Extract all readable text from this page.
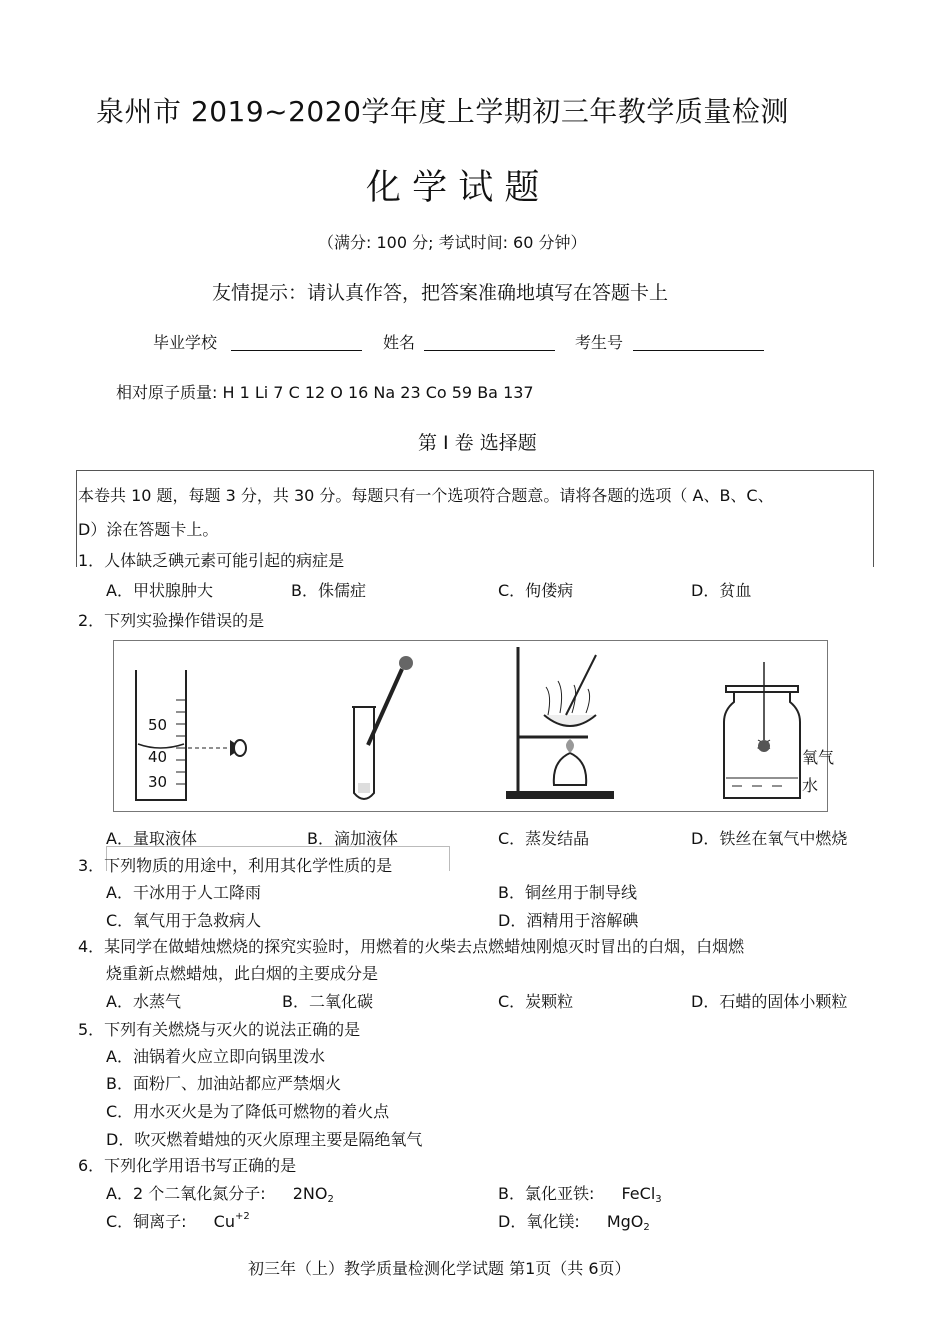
泉州市 2019~2020学年度上学期初三年教学质量检测
化 学 试 题
（满分: 100 分; 考试时间: 60 分钟）
友情提示：请认真作答，把答案准确地填写在答题卡上
毕业学校	姓名	考生号
相对原子质量: H 1 Li 7 C 12 O 16 Na 23 Co 59 Ba 137
第 I 卷 选择题
本卷共 10 题，每题 3 分，共 30 分。每题只有一个选项符合题意。请将各题的选项（ A、B、C、
D）涂在答题卡上。
1．人体缺乏碘元素可能引起的病症是
A．甲状腺肿大	B．侏儒症	C．佝偻病	D．贫血
2．下列实验操作错误的是
50
40
30
氧气
水
A．量取液体	B．滴加液体	C．蒸发结晶	D．铁丝在氧气中燃烧
3．下列物质的用途中，利用其化学性质的是
A．干冰用于人工降雨	B．铜丝用于制导线
C．氧气用于急救病人	D．酒精用于溶解碘
4．某同学在做蜡烛燃烧的探究实验时，用燃着的火柴去点燃蜡烛刚熄灭时冒出的白烟，白烟燃
烧重新点燃蜡烛，此白烟的主要成分是
A．水蒸气	B．二氧化碳	C．炭颗粒	D．石蜡的固体小颗粒
5．下列有关燃烧与灭火的说法正确的是
A．油锅着火应立即向锅里泼水
B．面粉厂、加油站都应严禁烟火
C．用水灭火是为了降低可燃物的着火点
D．吹灭燃着蜡烛的灭火原理主要是隔绝氧气
6．下列化学用语书写正确的是
A．2 个二氧化氮分子: $2NO_2$	B．氯化亚铁: FeCl$_3$
C．铜离子: $Cu^{+2}$	D．氧化镁: MgO$_2$
初三年（上）教学质量检测化学试题 第1页（共 6页）
